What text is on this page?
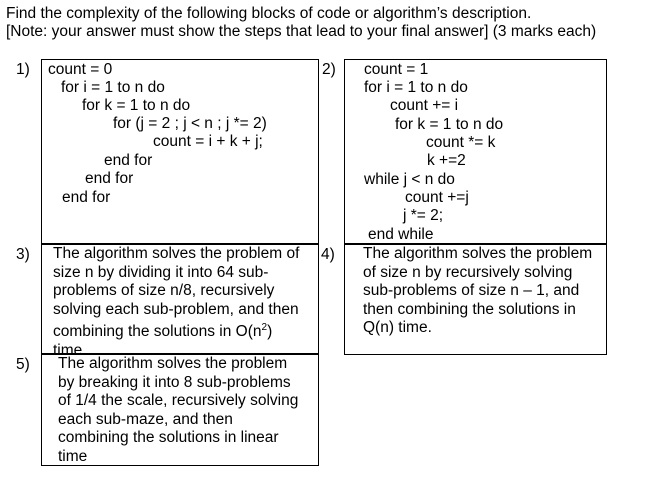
Find the complexity of the following blocks of code or algorithm’s description.
[Note: your answer must show the steps that lead to your final answer] (3 marks each)
1) count = 0
for i = 1 to n do
for k = 1 to n do
for (j = 2 ; j < n ; j *= 2)
count = i + k + j;
end for
end for
end for
2) count = 1
for i = 1 to n do
count += i
for k = 1 to n do
count *= k
k +=2
while j < n do
count +=j
j *= 2;
end while
3) The algorithm solves the problem of
size n by dividing it into 64 sub-
problems of size n/8, recursively
solving each sub-problem, and then
combining the solutions in $O(n^2)$
time
4) The algorithm solves the problem
of size n by recursively solving
sub-problems of size n – 1, and
then combining the solutions in
Q(n) time.
5) The algorithm solves the problem
by breaking it into 8 sub-problems
of 1/4 the scale, recursively solving
each sub-maze, and then
combining the solutions in linear
time
